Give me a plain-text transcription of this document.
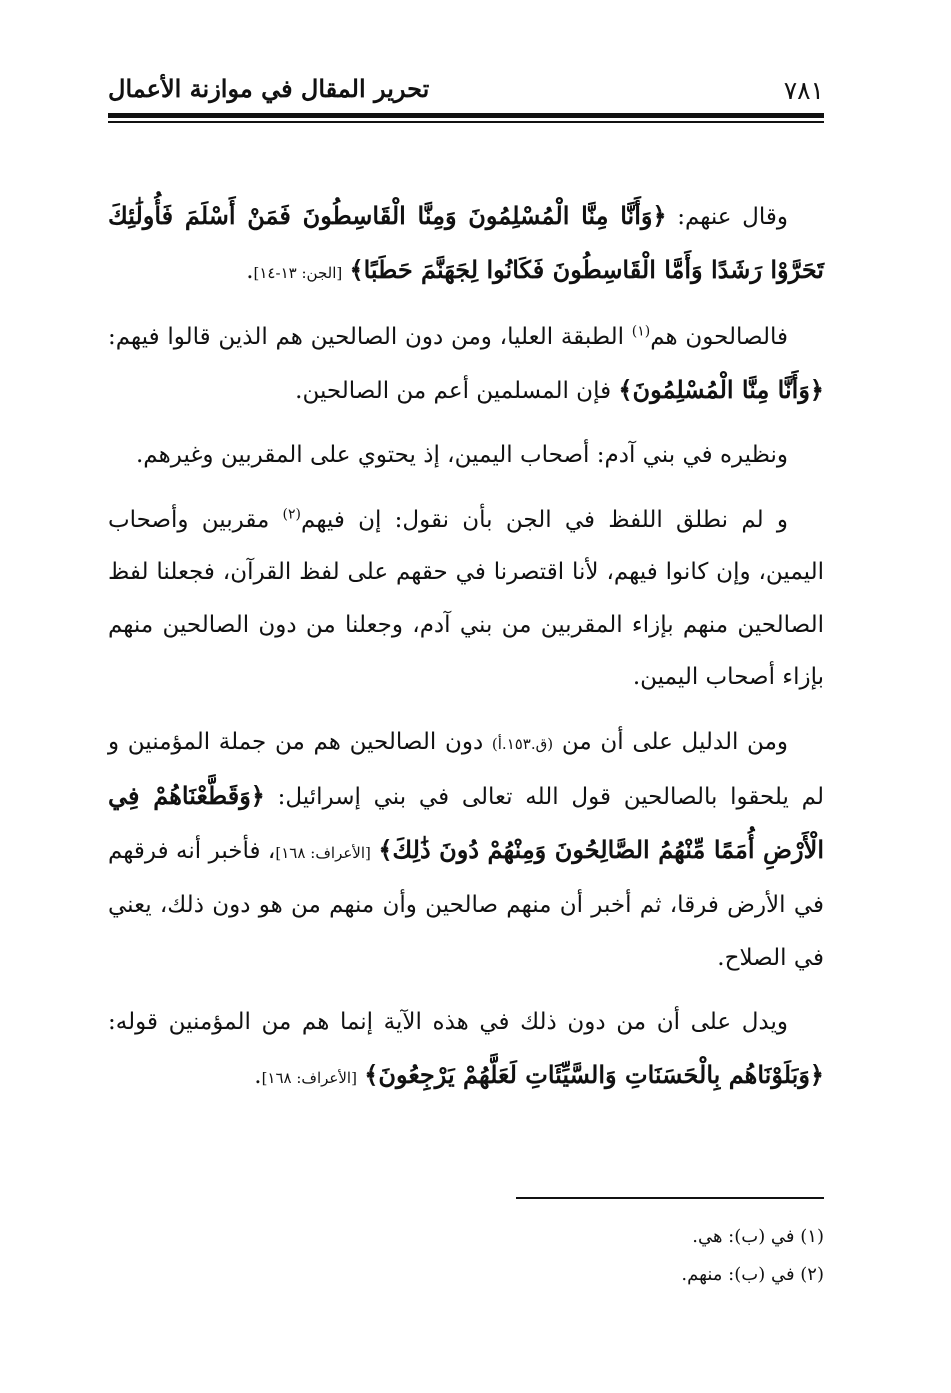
٧٨١
تحرير المقال في موازنة الأعمال

وقال عنهم: ﴿وَأَنَّا مِنَّا الْمُسْلِمُونَ وَمِنَّا الْقَاسِطُونَ فَمَنْ أَسْلَمَ فَأُولَٰئِكَ تَحَرَّوْا رَشَدًا وَأَمَّا الْقَاسِطُونَ فَكَانُوا لِجَهَنَّمَ حَطَبًا﴾ [الجن: ١٣-١٤].

فالصالحون هم$^{(١)}$ الطبقة العليا، ومن دون الصالحين هم الذين قالوا فيهم: ﴿وَأَنَّا مِنَّا الْمُسْلِمُونَ﴾ فإن المسلمين أعم من الصالحين.

ونظيره في بني آدم: أصحاب اليمين، إذ يحتوي على المقربين وغيرهم.

و لم نطلق اللفظ في الجن بأن نقول: إن فيهم$^{(٢)}$ مقربين وأصحاب اليمين، وإن كانوا فيهم، لأنا اقتصرنا في حقهم على لفظ القرآن، فجعلنا لفظ الصالحين منهم بإزاء المقربين من بني آدم، وجعلنا من دون الصالحين منهم بإزاء أصحاب اليمين.

ومن الدليل على أن من (ق.١٥٣.أ) دون الصالحين هم من جملة المؤمنين و لم يلحقوا بالصالحين قول الله تعالى في بني إسرائيل: ﴿وَقَطَّعْنَاهُمْ فِي الْأَرْضِ أُمَمًا مِّنْهُمُ الصَّالِحُونَ وَمِنْهُمْ دُونَ ذَٰلِكَ﴾ [الأعراف: ١٦٨]، فأخبر أنه فرقهم في الأرض فرقا، ثم أخبر أن منهم صالحين وأن منهم من هو دون ذلك، يعني في الصلاح.

ويدل على أن من دون ذلك في هذه الآية إنما هم من المؤمنين قوله: ﴿وَبَلَوْنَاهُم بِالْحَسَنَاتِ وَالسَّيِّئَاتِ لَعَلَّهُمْ يَرْجِعُونَ﴾ [الأعراف: ١٦٨].

(١) في (ب): هي.

(٢) في (ب): منهم.
